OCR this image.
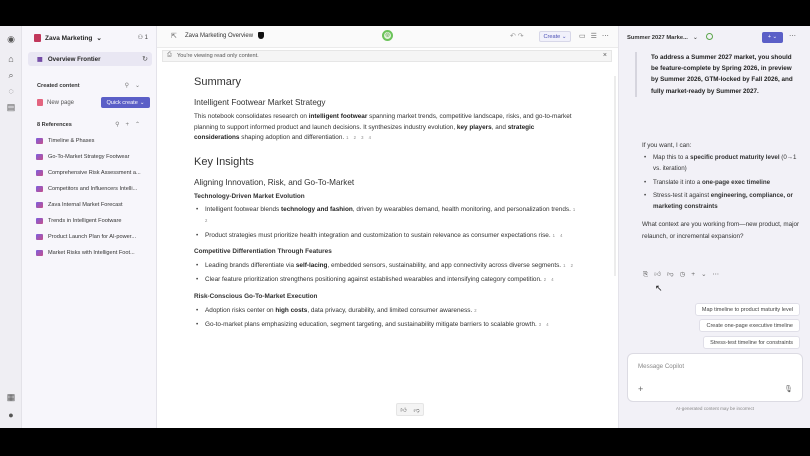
◉
⌂
⌕
◌
▤
▦
●
Zava Marketing ⌄	⚇ 1
▦ Overview Frontier	↻
Created content	⚲⌄
New page	Quick create ⌄
8 References	⚲+⌃
Timeline & Phases
Go-To-Market Strategy Footwear
Comprehensive Risk Assessment a...
Competitors and Influencers Intelli...
Zava Internal Market Forecast
Trends in Intelligent Footware
Product Launch Plan for AI-power...
Market Risks with Intelligent Foot...
⇱ Zava Marketing Overview	◎	↶ ↷	Create ⌄ ▭☰⋯
⎙ You're viewing read only content.	×
Summary
Intelligent Footwear Market Strategy
This notebook consolidates research on intelligent footwear spanning market trends, competitive landscape, risks, and go-to-market planning to support informed product and launch decisions. It synthesizes industry evolution, key players, and strategic considerations shaping adoption and differentiation. 1 2 3 4
Key Insights
Aligning Innovation, Risk, and Go-To-Market
Technology-Driven Market Evolution
• Intelligent footwear blends technology and fashion, driven by wearables demand, health monitoring, and personalization trends. 1 2
• Product strategies must prioritize health integration and customization to sustain relevance as consumer expectations rise. 1 4
Competitive Differentiation Through Features
• Leading brands differentiate via self-lacing, embedded sensors, sustainability, and app connectivity across diverse segments. 1 2
• Clear feature prioritization strengthens positioning against established wearables and intensifying category competition. 2 4
Risk-Conscious Go-To-Market Execution
• Adoption risks center on high costs, data privacy, durability, and limited consumer awareness. 2
• Go-to-market plans emphasizing education, segment targeting, and sustainability mitigate barriers to scalable growth. 3 4
👍︎ 👎︎
Summer 2027 Marke... ⌄	+ ⌄	⋯
To address a Summer 2027 market, you should be feature-complete by Spring 2026, in preview by Summer 2026, GTM-locked by Fall 2026, and fully market-ready by Summer 2027.
If you want, I can:
• Map this to a specific product maturity level (0→1 vs. iteration)
• Translate it into a one-page exec timeline
• Stress-test it against engineering, compliance, or marketing constraints
What context are you working from—new product, major relaunch, or incremental expansion?
⎘👍︎👎︎◷+⌄⋯
Map timeline to product maturity level
Create one-page executive timeline
Stress-test timeline for constraints
Message Copilot
+	🎙︎
AI-generated content may be incorrect
↖
